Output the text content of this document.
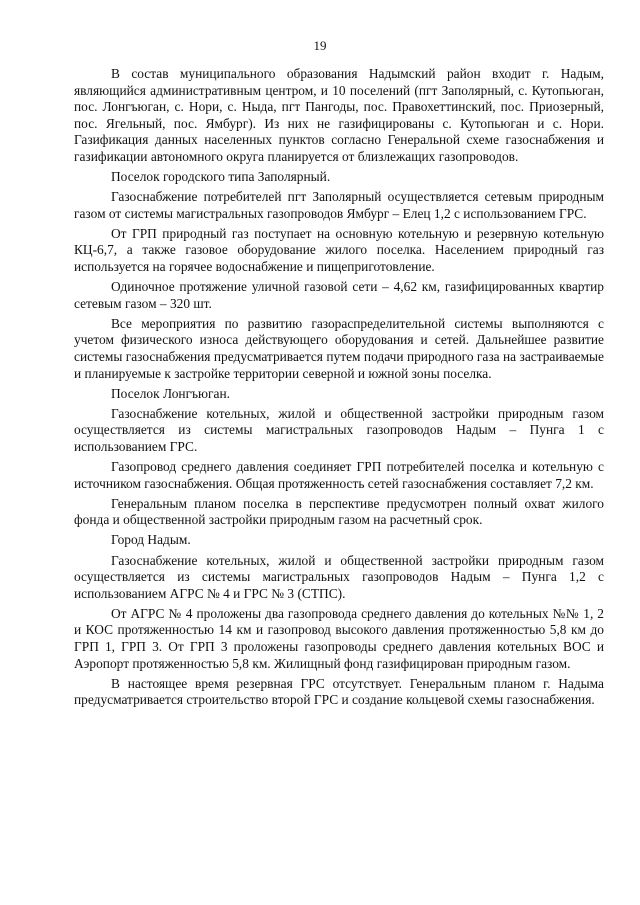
19

В состав муниципального образования Надымский район входит г. Надым, являющийся административным центром, и 10 поселений (пгт Заполярный, с. Кутопьюган, пос. Лонгъюган, с. Нори, с. Ныда, пгт Пангоды, пос. Правохеттинский, пос. Приозерный, пос. Ягельный, пос. Ямбург). Из них не газифицированы с. Кутопьюган и с. Нори. Газификация данных населенных пунктов согласно Генеральной схеме газоснабжения и газификации автономного округа планируется от близлежащих газопроводов.

Поселок городского типа Заполярный.

Газоснабжение потребителей пгт Заполярный осуществляется сетевым природным газом от системы магистральных газопроводов Ямбург – Елец 1,2 с использованием ГРС.

От ГРП природный газ поступает на основную котельную и резервную котельную КЦ-6,7, а также газовое оборудование жилого поселка. Населением природный газ используется на горячее водоснабжение и пищеприготовление.

Одиночное протяжение уличной газовой сети – 4,62 км, газифицированных квартир сетевым газом – 320 шт.

Все мероприятия по развитию газораспределительной системы выполняются с учетом физического износа действующего оборудования и сетей. Дальнейшее развитие системы газоснабжения предусматривается путем подачи природного газа на застраиваемые и планируемые к застройке территории северной и южной зоны поселка.

Поселок Лонгъюган.

Газоснабжение котельных, жилой и общественной застройки природным газом осуществляется из системы магистральных газопроводов Надым – Пунга 1 с использованием ГРС.

Газопровод среднего давления соединяет ГРП потребителей поселка и котельную с источником газоснабжения. Общая протяженность сетей газоснабжения составляет 7,2 км.

Генеральным планом поселка в перспективе предусмотрен полный охват жилого фонда и общественной застройки природным газом на расчетный срок.

Город Надым.

Газоснабжение котельных, жилой и общественной застройки природным газом осуществляется из системы магистральных газопроводов Надым – Пунга 1,2 с использованием АГРС № 4 и ГРС № 3 (СТПС).

От АГРС № 4 проложены два газопровода среднего давления до котельных №№ 1, 2 и КОС протяженностью 14 км и газопровод высокого давления протяженностью 5,8 км до ГРП 1, ГРП 3. От ГРП 3 проложены газопроводы среднего давления котельных ВОС и Аэропорт протяженностью 5,8 км. Жилищный фонд газифицирован природным газом.

В настоящее время резервная ГРС отсутствует. Генеральным планом г. Надыма предусматривается строительство второй ГРС и создание кольцевой схемы газоснабжения.
